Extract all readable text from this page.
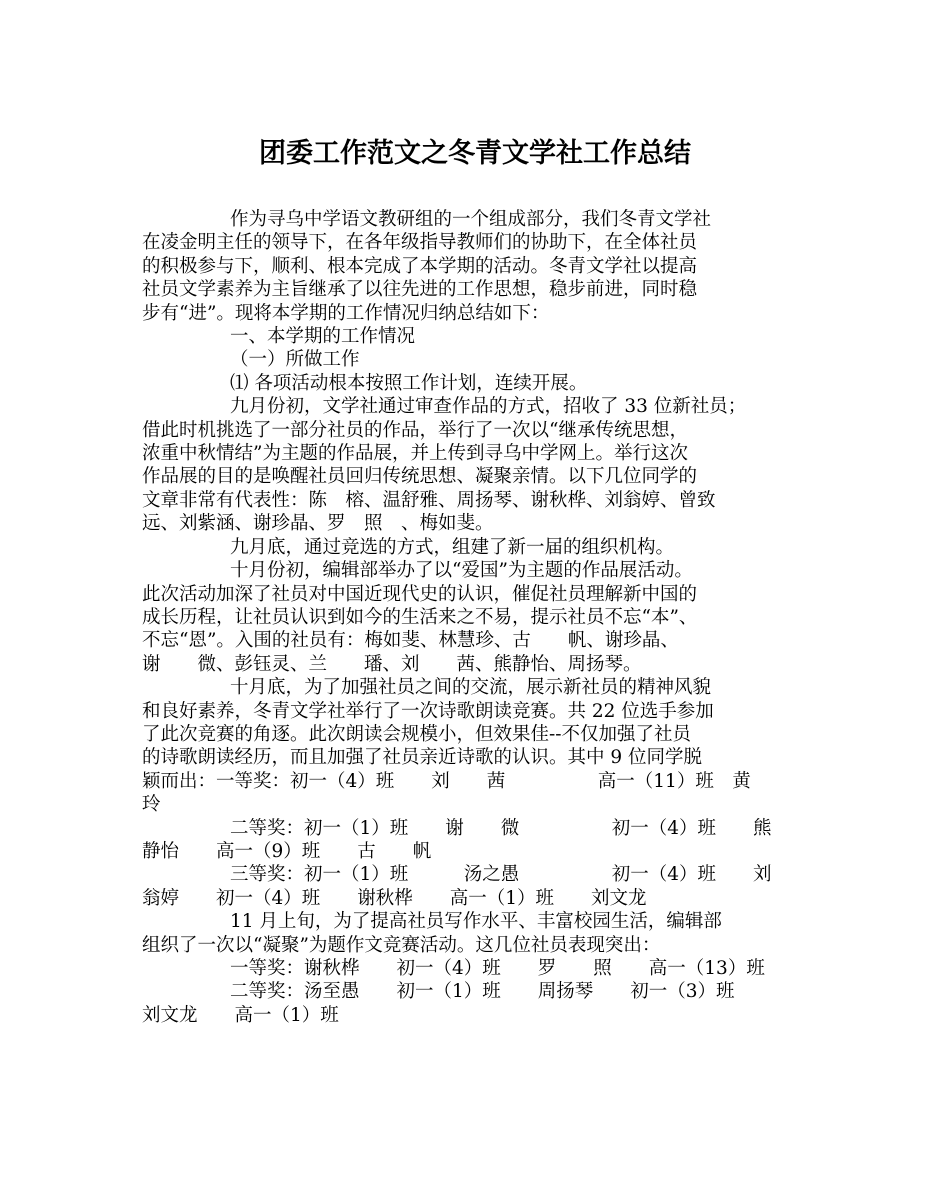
团委工作范文之冬青文学社工作总结

作为寻乌中学语文教研组的一个组成部分，我们冬青文学社

在凌金明主任的领导下，在各年级指导教师们的协助下，在全体社员

的积极参与下，顺利、根本完成了本学期的活动。冬青文学社以提高

社员文学素养为主旨继承了以往先进的工作思想，稳步前进，同时稳

步有“进”。现将本学期的工作情况归纳总结如下：

一、本学期的工作情况

（一）所做工作

⑴ 各项活动根本按照工作计划，连续开展。

九月份初，文学社通过审查作品的方式，招收了 33 位新社员；

借此时机挑选了一部分社员的作品，举行了一次以“继承传统思想，

浓重中秋情结”为主题的作品展，并上传到寻乌中学网上。举行这次

作品展的目的是唤醒社员回归传统思想、凝聚亲情。以下几位同学的

文章非常有代表性：陈　榕、温舒雅、周扬琴、谢秋桦、刘翁婷、曾致

远、刘紫涵、谢珍晶、罗　照　、梅如斐。

九月底，通过竞选的方式，组建了新一届的组织机构。

十月份初，编辑部举办了以“爱国”为主题的作品展活动。

此次活动加深了社员对中国近现代史的认识，催促社员理解新中国的

成长历程，让社员认识到如今的生活来之不易，提示社员不忘“本”、

不忘“恩”。入围的社员有：梅如斐、林慧珍、古　　帆、谢珍晶、

谢　　微、彭钰灵、兰　　璠、刘　　茜、熊静怡、周扬琴。

十月底，为了加强社员之间的交流，展示新社员的精神风貌

和良好素养，冬青文学社举行了一次诗歌朗读竞赛。共 22 位选手参加

了此次竞赛的角逐。此次朗读会规模小，但效果佳--不仅加强了社员

的诗歌朗读经历，而且加强了社员亲近诗歌的认识。其中 9 位同学脱

颖而出：一等奖：初一（4）班　　刘　　茜　　　　　高一（11）班　黄

玲

二等奖：初一（1）班　　谢　　微　　　　　初一（4）班　　熊

静怡　　高一（9）班　　古　　帆

三等奖：初一（1）班　　　汤之愚　　　　　初一（4）班　　刘

翁婷　　初一（4）班　　谢秋桦　　高一（1）班　　刘文龙

11 月上旬，为了提高社员写作水平、丰富校园生活，编辑部

组织了一次以“凝聚”为题作文竞赛活动。这几位社员表现突出：

一等奖：谢秋桦　　初一（4）班　　罗　　照　　高一（13）班

二等奖：汤至愚　　初一（1）班　　周扬琴　　初一（3）班

刘文龙　　高一（1）班
